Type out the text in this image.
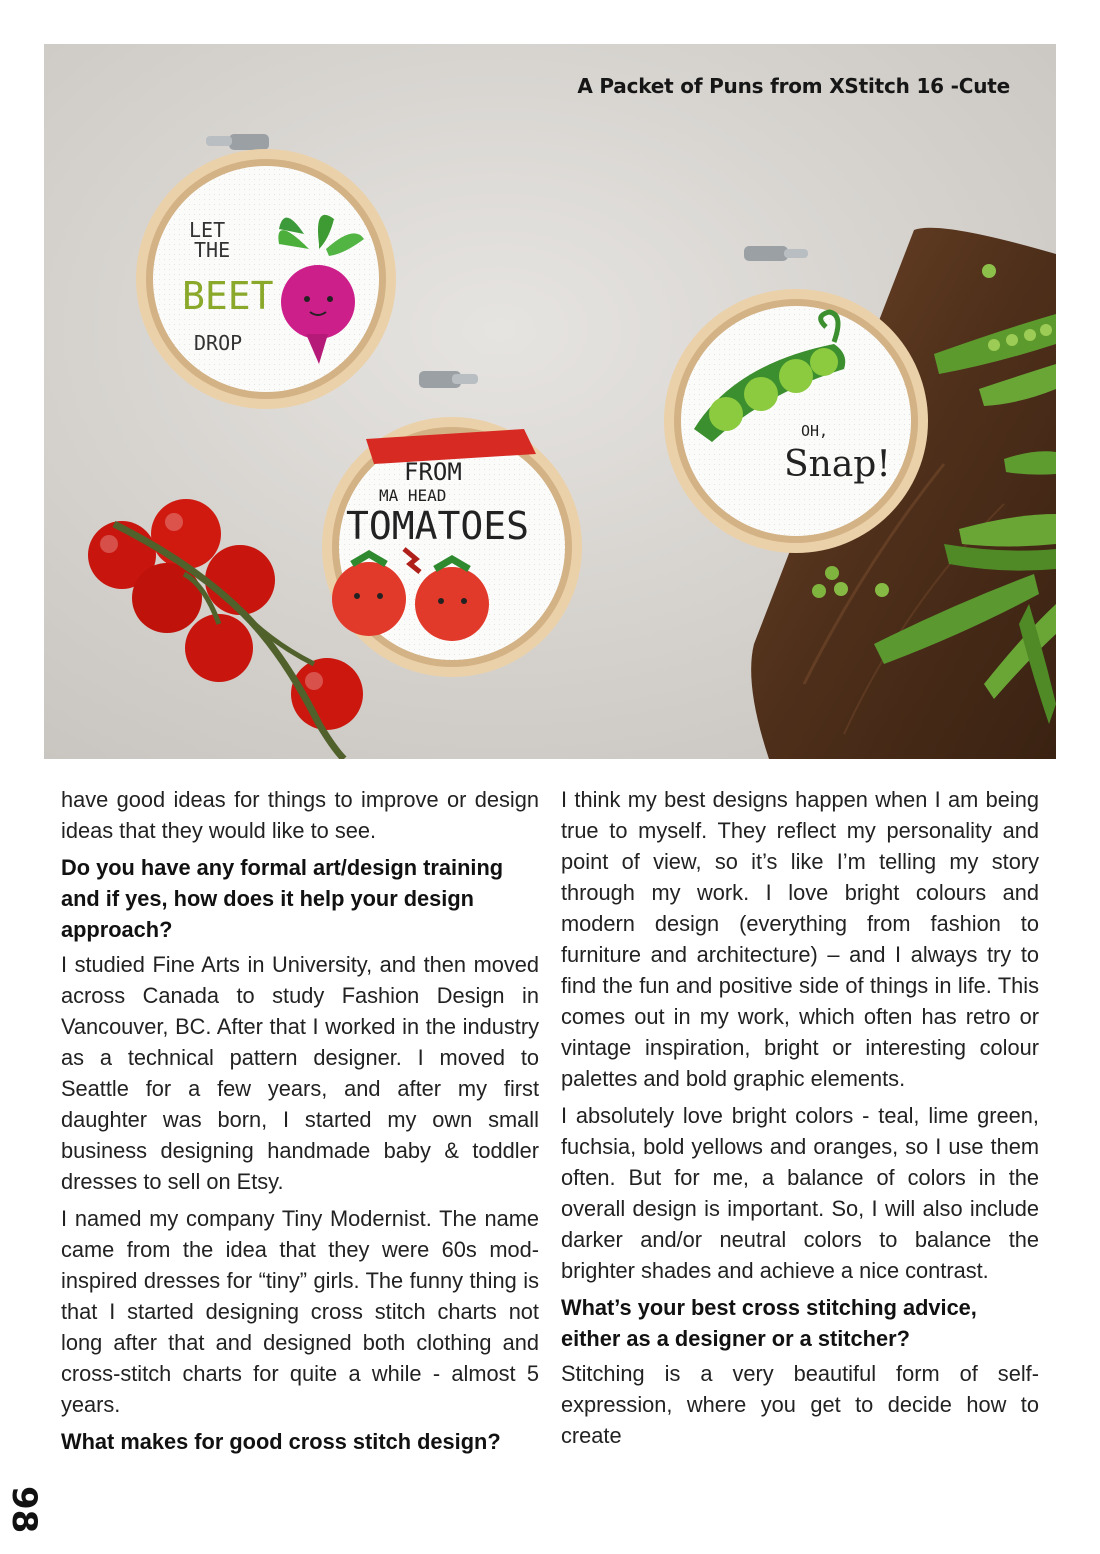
LET
THE
BEET
DROP
FROM
MA HEAD
TOMATOES
OH,
Snap!
A Packet of Puns from XStitch 16 -Cute

have good ideas for things to improve or design ideas that they would like to see.

Do you have any formal art/design training and if yes, how does it help your design approach?

I studied Fine Arts in University, and then moved across Canada to study Fashion Design in Vancouver, BC. After that I worked in the industry as a technical pattern designer. I moved to Seattle for a few years, and after my first daughter was born, I started my own small business designing handmade baby & toddler dresses to sell on Etsy.

I named my company Tiny Modernist. The name came from the idea that they were 60s mod-inspired dresses for “tiny” girls. The funny thing is that I started designing cross stitch charts not long after that and designed both clothing and cross-stitch charts for quite a while - almost 5 years.

What makes for good cross stitch design?

I think my best designs happen when I am being true to myself. They reflect my personality and point of view, so it’s like I’m telling my story through my work. I love bright colours and modern design (everything from fashion to furniture and architecture) – and I always try to find the fun and positive side of things in life. This comes out in my work, which often has retro or vintage inspiration, bright or interesting colour palettes and bold graphic elements.

I absolutely love bright colors - teal, lime green, fuchsia, bold yellows and oranges, so I use them often. But for me, a balance of colors in the overall design is important. So, I will also include darker and/or neutral colors to balance the brighter shades and achieve a nice contrast.

What’s your best cross stitching advice, either as a designer or a stitcher?

Stitching is a very beautiful form of self-expression, where you get to decide how to create

98
